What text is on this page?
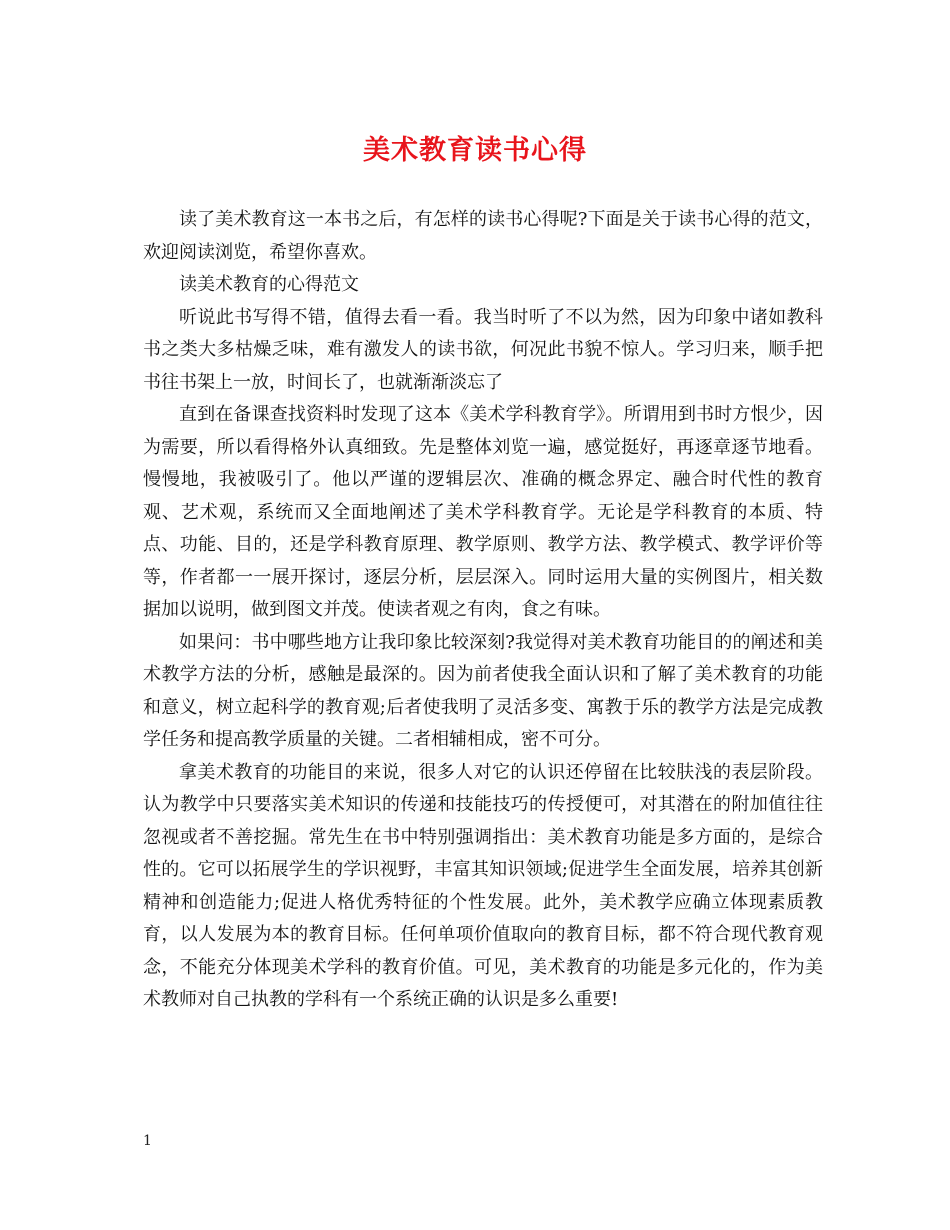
美术教育读书心得

读了美术教育这一本书之后，有怎样的读书心得呢?下面是关于读书心得的范文，欢迎阅读浏览，希望你喜欢。

读美术教育的心得范文

听说此书写得不错，值得去看一看。我当时听了不以为然，因为印象中诸如教科书之类大多枯燥乏味，难有激发人的读书欲，何况此书貌不惊人。学习归来，顺手把书往书架上一放，时间长了，也就渐渐淡忘了

直到在备课查找资料时发现了这本《美术学科教育学》。所谓用到书时方恨少，因为需要，所以看得格外认真细致。先是整体刘览一遍，感觉挺好，再逐章逐节地看。慢慢地，我被吸引了。他以严谨的逻辑层次、准确的概念界定、融合时代性的教育观、艺术观，系统而又全面地阐述了美术学科教育学。无论是学科教育的本质、特点、功能、目的，还是学科教育原理、教学原则、教学方法、教学模式、教学评价等等，作者都一一展开探讨，逐层分析，层层深入。同时运用大量的实例图片，相关数据加以说明，做到图文并茂。使读者观之有肉，食之有味。

如果问：书中哪些地方让我印象比较深刻?我觉得对美术教育功能目的的阐述和美术教学方法的分析，感触是最深的。因为前者使我全面认识和了解了美术教育的功能和意义，树立起科学的教育观;后者使我明了灵活多变、寓教于乐的教学方法是完成教学任务和提高教学质量的关键。二者相辅相成，密不可分。

拿美术教育的功能目的来说，很多人对它的认识还停留在比较肤浅的表层阶段。认为教学中只要落实美术知识的传递和技能技巧的传授便可，对其潜在的附加值往往忽视或者不善挖掘。常先生在书中特别强调指出：美术教育功能是多方面的，是综合性的。它可以拓展学生的学识视野，丰富其知识领域;促进学生全面发展，培养其创新精神和创造能力;促进人格优秀特征的个性发展。此外，美术教学应确立体现素质教育，以人发展为本的教育目标。任何单项价值取向的教育目标，都不符合现代教育观念，不能充分体现美术学科的教育价值。可见，美术教育的功能是多元化的，作为美术教师对自己执教的学科有一个系统正确的认识是多么重要!

1
